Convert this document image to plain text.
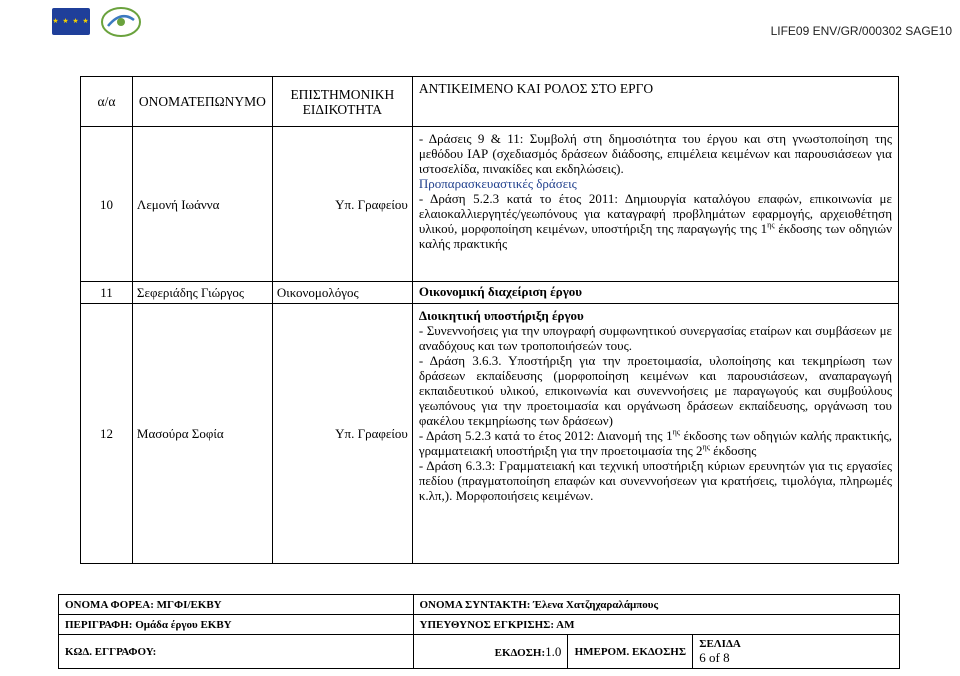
★ ★ ★ ★
LIFE09 ENV/GR/000302 SAGE10
α/α	ΟΝΟΜΑΤΕΠΩΝΥΜΟ	ΕΠΙΣΤΗΜΟΝΙΚΗ ΕΙΔΙΚΟΤΗΤΑ	ΑΝΤΙΚΕΙΜΕΝΟ ΚΑΙ ΡΟΛΟΣ ΣΤΟ ΕΡΓΟ
10	Λεμονή Ιωάννα	Υπ. Γραφείου	- Δράσεις 9 & 11: Συμβολή στη δημοσιότητα του έργου και στη γνωστοποίηση της μεθόδου ΙΑΡ (σχεδιασμός δράσεων διάδοσης, επιμέλεια κειμένων και παρουσιάσεων για ιστοσελίδα, πινακίδες και εκδηλώσεις).
Προπαρασκευαστικές δράσεις
- Δράση 5.2.3 κατά το έτος 2011: Δημιουργία καταλόγου επαφών, επικοινωνία με ελαιοκαλλιεργητές/γεωπόνους για καταγραφή προβλημάτων εφαρμογής, αρχειοθέτηση υλικού, μορφοποίηση κειμένων, υποστήριξη της παραγωγής της $1^{\eta\varsigma}$ έκδοσης των οδηγιών καλής πρακτικής

11	Σεφεριάδης Γιώργος	Οικονομολόγος	Οικονομική διαχείριση έργου
12	Μασούρα Σοφία	Υπ. Γραφείου	Διοικητική υποστήριξη έργου
- Συνεννοήσεις για την υπογραφή συμφωνητικού συνεργασίας εταίρων και συμβάσεων με αναδόχους και των τροποποιήσεών τους.
- Δράση 3.6.3. Υποστήριξη για την προετοιμασία, υλοποίησης και τεκμηρίωση των δράσεων εκπαίδευσης (μορφοποίηση κειμένων και παρουσιάσεων, αναπαραγωγή εκπαιδευτικού υλικού, επικοινωνία και συνεννοήσεις με παραγωγούς και συμβούλους γεωπόνους για την προετοιμασία και οργάνωση δράσεων εκπαίδευσης, οργάνωση του φακέλου τεκμηρίωσης των δράσεων)
- Δράση 5.2.3 κατά το έτος 2012: Διανομή της $1^{\eta\varsigma}$ έκδοσης των οδηγιών καλής πρακτικής, γραμματειακή υποστήριξη για την προετοιμασία της $2^{\eta\varsigma}$ έκδοσης
- Δράση 6.3.3: Γραμματειακή και τεχνική υποστήριξη κύριων ερευνητών για τις εργασίες πεδίου (πραγματοποίηση επαφών και συνεννοήσεων για κρατήσεις, τιμολόγια, πληρωμές κ.λπ,). Μορφοποιήσεις κειμένων.
ΟΝΟΜΑ ΦΟΡΕΑ: ΜΓΦΙ/ΕΚΒΥ	ΟΝΟΜΑ ΣΥΝΤΑΚΤΗ: Έλενα Χατζηχαραλάμπους		
ΠΕΡΙΓΡΑΦΗ: Ομάδα έργου ΕΚΒΥ	ΥΠΕΥΘΥΝΟΣ ΕΓΚΡΙΣΗΣ: ΑΜ		
ΚΩΔ. ΕΓΓΡΑΦΟΥ:	ΕΚΔΟΣΗ:1.0	ΗΜΕΡΟΜ. ΕΚΔΟΣΗΣ	ΣΕΛΙΔΑ
6 of 8
